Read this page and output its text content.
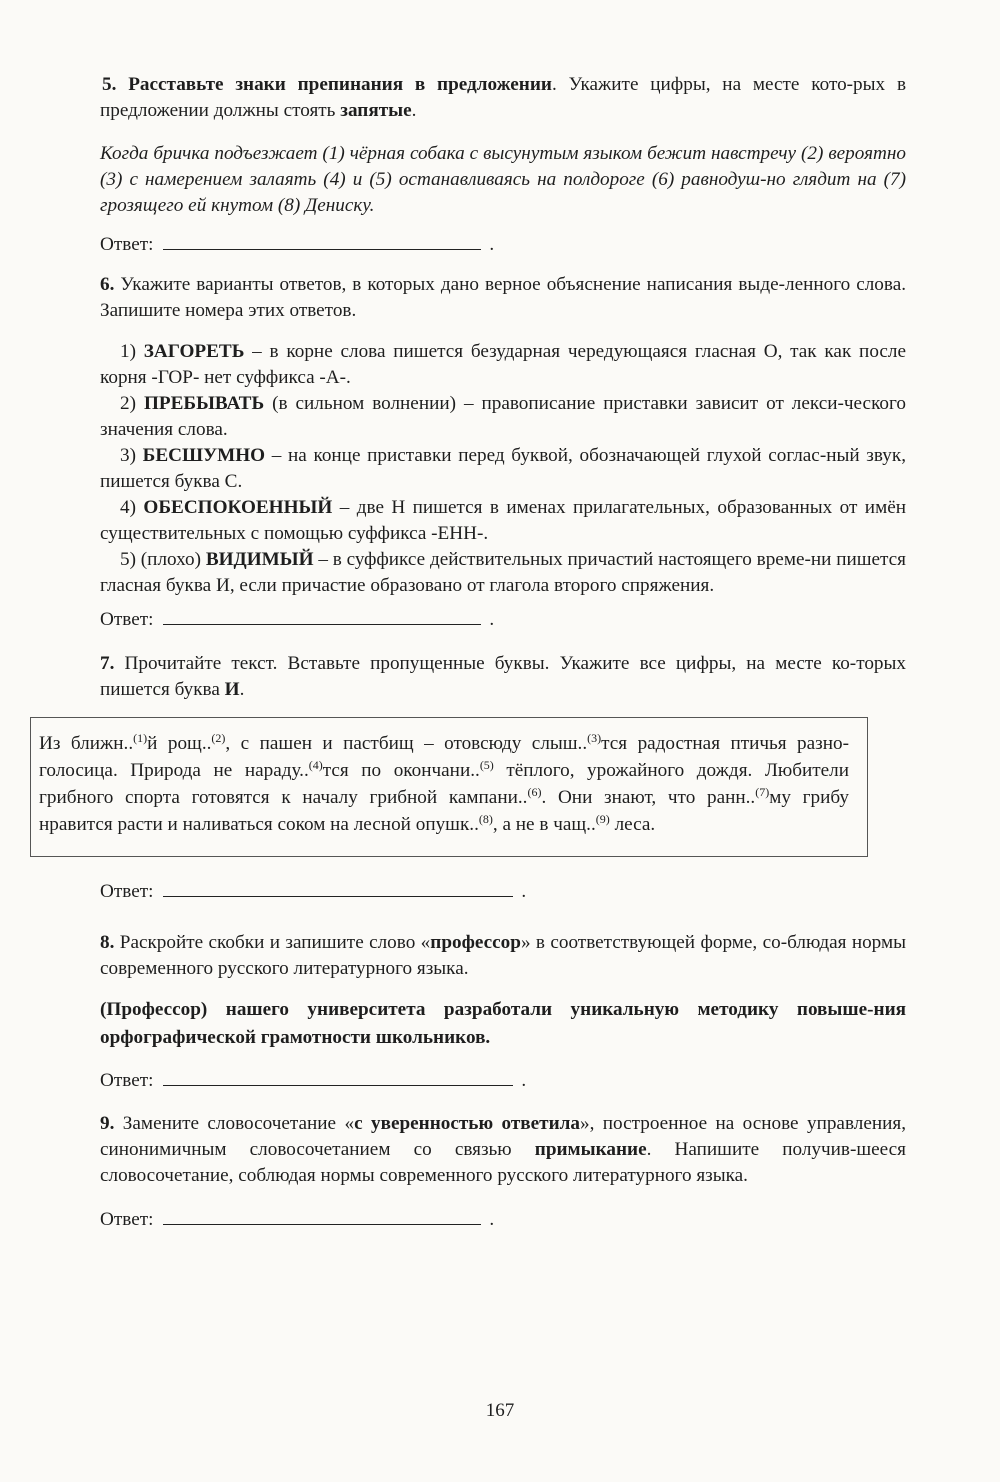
5. Расставьте знаки препинания в предложении. Укажите цифры, на месте кото-рых в предложении должны стоять запятые.
Когда бричка подъезжает (1) чёрная собака с высунутым языком бежит навстречу (2) вероятно (3) с намерением залаять (4) и (5) останавливаясь на полдороге (6) равнодуш-но глядит на (7) грозящего ей кнутом (8) Дениску.
Ответ:	.
6. Укажите варианты ответов, в которых дано верное объяснение написания выде-ленного слова. Запишите номера этих ответов.

1) ЗАГОРЕТЬ – в корне слова пишется безударная чередующаяся гласная О, так как после корня -ГОР- нет суффикса -А-.

2) ПРЕБЫВАТЬ (в сильном волнении) – правописание приставки зависит от лекси-ческого значения слова.

3) БЕСШУМНО – на конце приставки перед буквой, обозначающей глухой соглас-ный звук, пишется буква С.

4) ОБЕСПОКОЕННЫЙ – две Н пишется в именах прилагательных, образованных от имён существительных с помощью суффикса -ЕНН-.

5) (плохо) ВИДИМЫЙ – в суффиксе действительных причастий настоящего време-ни пишется гласная буква И, если причастие образовано от глагола второго спряжения.

Ответ:	.
7. Прочитайте текст. Вставьте пропущенные буквы. Укажите все цифры, на месте ко-торых пишется буква И.
Из ближн..$^{(1)}$й рощ..$^{(2)}$, с пашен и пастбищ – отовсюду слыш..$^{(3)}$тся радостная птичья разно-голосица. Природа не нараду..$^{(4)}$тся по окончани..$^{(5)}$ тёплого, урожайного дождя. Любители грибного спорта готовятся к началу грибной кампани..$^{(6)}$. Они знают, что ранн..$^{(7)}$му грибу нравится расти и наливаться соком на лесной опушк..$^{(8)}$, а не в чащ..$^{(9)}$ леса.
Ответ:	.
8. Раскройте скобки и запишите слово «профессор» в соответствующей форме, со-блюдая нормы современного русского литературного языка.
(Профессор) нашего университета разработали уникальную методику повыше-ния орфографической грамотности школьников.
Ответ:	.
9. Замените словосочетание «с уверенностью ответила», построенное на основе управления, синонимичным словосочетанием со связью примыкание. Напишите получив-шееся словосочетание, соблюдая нормы современного русского литературного языка.
Ответ:	.
167
